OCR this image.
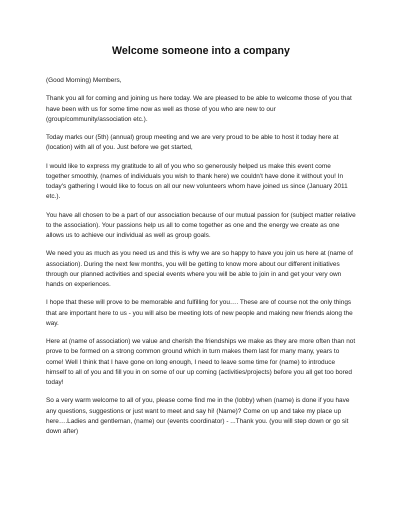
Welcome someone into a company

(Good Morning) Members,

Thank you all for coming and joining us here today. We are pleased to be able to welcome those of you that have been with us for some time now as well as those of you who are new to our (group/community/association etc.).

Today marks our (5th) (annual) group meeting and we are very proud to be able to host it today here at (location) with all of you. Just before we get started,

I would like to express my gratitude to all of you who so generously helped us make this event come together smoothly, (names of individuals you wish to thank here) we couldn't have done it without you! In today's gathering I would like to focus on all our new volunteers whom have joined us since (January 2011 etc.).

You have all chosen to be a part of our association because of our mutual passion for (subject matter relative to the association). Your passions help us all to come together as one and the energy we create as one allows us to achieve our individual as well as group goals.

We need you as much as you need us and this is why we are so happy to have you join us here at (name of association). During the next few months, you will be getting to know more about our different initiatives through our planned activities and special events where you will be able to join in and get your very own hands on experiences.

I hope that these will prove to be memorable and fulfilling for you…. These are of course not the only things that are important here to us - you will also be meeting lots of new people and making new friends along the way.

Here at (name of association) we value and cherish the friendships we make as they are more often than not prove to be formed on a strong common ground which in turn makes them last for many many, years to come! Well I think that I have gone on long enough, I need to leave some time for (name) to introduce himself to all of you and fill you in on some of our up coming (activities/projects) before you all get too bored today!

So a very warm welcome to all of you, please come find me in the (lobby) when (name) is done if you have any questions, suggestions or just want to meet and say hi! (Name)? Come on up and take my place up here….Ladies and gentleman, (name) our (events coordinator) - ...Thank you. (you will step down or go sit down after)
